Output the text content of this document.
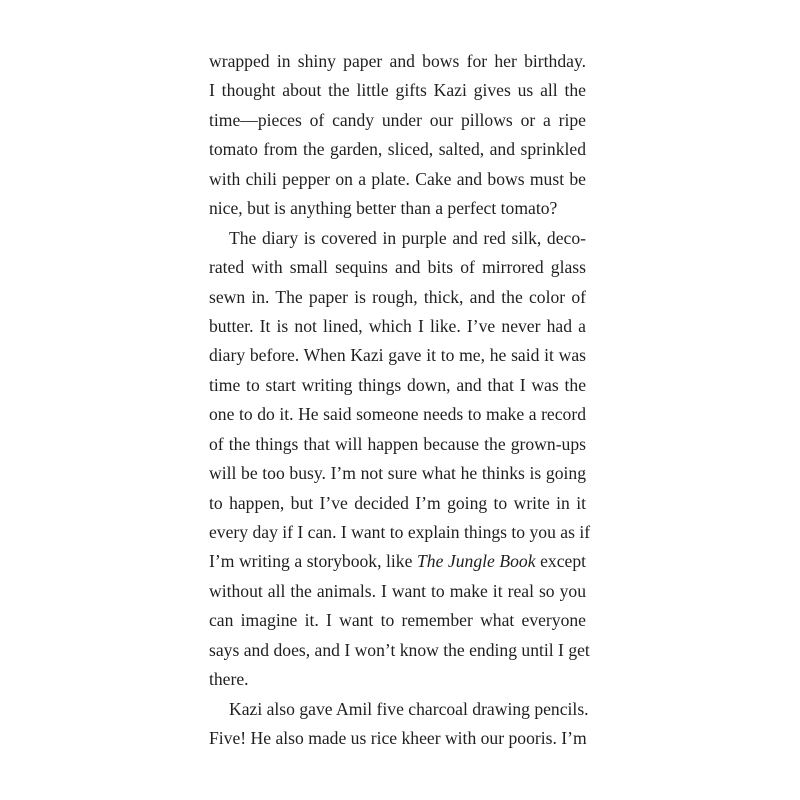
wrapped in shiny paper and bows for her birthday.
I thought about the little gifts Kazi gives us all the
time—pieces of candy under our pillows or a ripe
tomato from the garden, sliced, salted, and sprinkled
with chili pepper on a plate. Cake and bows must be
nice, but is anything better than a perfect tomato?
The diary is covered in purple and red silk, deco-
rated with small sequins and bits of mirrored glass
sewn in. The paper is rough, thick, and the color of
butter. It is not lined, which I like. I’ve never had a
diary before. When Kazi gave it to me, he said it was
time to start writing things down, and that I was the
one to do it. He said someone needs to make a record
of the things that will happen because the grown-ups
will be too busy. I’m not sure what he thinks is going
to happen, but I’ve decided I’m going to write in it
every day if I can. I want to explain things to you as if
I’m writing a storybook, like The Jungle Book except
without all the animals. I want to make it real so you
can imagine it. I want to remember what everyone
says and does, and I won’t know the ending until I get
there.
Kazi also gave Amil five charcoal drawing pencils.
Five! He also made us rice kheer with our pooris. I’m
